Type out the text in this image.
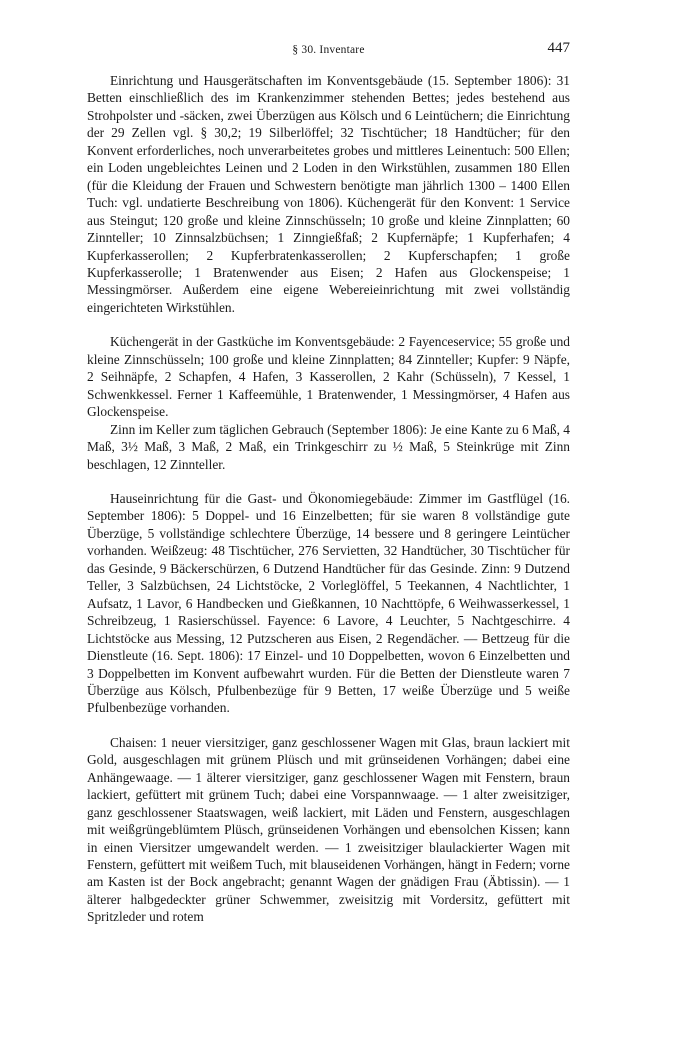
§ 30. Inventare	447

Einrichtung und Hausgerätschaften im Konventsgebäude (15. September 1806): 31 Betten einschließlich des im Krankenzimmer stehenden Bettes; jedes bestehend aus Strohpolster und -säcken, zwei Überzügen aus Kölsch und 6 Leintüchern; die Einrichtung der 29 Zellen vgl. § 30,2; 19 Silberlöffel; 32 Tischtücher; 18 Handtücher; für den Konvent erforderliches, noch unverarbeitetes grobes und mittleres Leinentuch: 500 Ellen; ein Loden ungebleichtes Leinen und 2 Loden in den Wirkstühlen, zusammen 180 Ellen (für die Kleidung der Frauen und Schwestern benötigte man jährlich 1300 – 1400 Ellen Tuch: vgl. undatierte Beschreibung von 1806). Küchengerät für den Konvent: 1 Service aus Steingut; 120 große und kleine Zinnschüsseln; 10 große und kleine Zinnplatten; 60 Zinnteller; 10 Zinnsalzbüchsen; 1 Zinngießfaß; 2 Kupfernäpfe; 1 Kupferhafen; 4 Kupferkasserollen; 2 Kupferbratenkasserollen; 2 Kupferschapfen; 1 große Kupferkasserolle; 1 Bratenwender aus Eisen; 2 Hafen aus Glockenspeise; 1 Messingmörser. Außerdem eine eigene Webereieinrichtung mit zwei vollständig eingerichteten Wirkstühlen.

Küchengerät in der Gastküche im Konventsgebäude: 2 Fayenceservice; 55 große und kleine Zinnschüsseln; 100 große und kleine Zinnplatten; 84 Zinnteller; Kupfer: 9 Näpfe, 2 Seihnäpfe, 2 Schapfen, 4 Hafen, 3 Kasserollen, 2 Kahr (Schüsseln), 7 Kessel, 1 Schwenkkessel. Ferner 1 Kaffeemühle, 1 Bratenwender, 1 Messingmörser, 4 Hafen aus Glockenspeise.

Zinn im Keller zum täglichen Gebrauch (September 1806): Je eine Kante zu 6 Maß, 4 Maß, 3½ Maß, 3 Maß, 2 Maß, ein Trinkgeschirr zu ½ Maß, 5 Steinkrüge mit Zinn beschlagen, 12 Zinnteller.

Hauseinrichtung für die Gast- und Ökonomiegebäude: Zimmer im Gastflügel (16. September 1806): 5 Doppel- und 16 Einzelbetten; für sie waren 8 vollständige gute Überzüge, 5 vollständige schlechtere Überzüge, 14 bessere und 8 geringere Leintücher vorhanden. Weißzeug: 48 Tischtücher, 276 Servietten, 32 Handtücher, 30 Tischtücher für das Gesinde, 9 Bäckerschürzen, 6 Dutzend Handtücher für das Gesinde. Zinn: 9 Dutzend Teller, 3 Salzbüchsen, 24 Lichtstöcke, 2 Vorleglöffel, 5 Teekannen, 4 Nachtlichter, 1 Aufsatz, 1 Lavor, 6 Handbecken und Gießkannen, 10 Nachttöpfe, 6 Weihwasserkessel, 1 Schreibzeug, 1 Rasierschüssel. Fayence: 6 Lavore, 4 Leuchter, 5 Nachtgeschirre. 4 Lichtstöcke aus Messing, 12 Putzscheren aus Eisen, 2 Regendächer. — Bettzeug für die Dienstleute (16. Sept. 1806): 17 Einzel- und 10 Doppelbetten, wovon 6 Einzelbetten und 3 Doppelbetten im Konvent aufbewahrt wurden. Für die Betten der Dienstleute waren 7 Überzüge aus Kölsch, Pfulbenbezüge für 9 Betten, 17 weiße Überzüge und 5 weiße Pfulbenbezüge vorhanden.

Chaisen: 1 neuer viersitziger, ganz geschlossener Wagen mit Glas, braun lackiert mit Gold, ausgeschlagen mit grünem Plüsch und mit grünseidenen Vorhängen; dabei eine Anhängewaage. — 1 älterer viersitziger, ganz geschlossener Wagen mit Fenstern, braun lackiert, gefüttert mit grünem Tuch; dabei eine Vorspannwaage. — 1 alter zweisitziger, ganz geschlossener Staatswagen, weiß lackiert, mit Läden und Fenstern, ausgeschlagen mit weißgrüngeblümtem Plüsch, grünseidenen Vorhängen und ebensolchen Kissen; kann in einen Viersitzer umgewandelt werden. — 1 zweisitziger blaulackierter Wagen mit Fenstern, gefüttert mit weißem Tuch, mit blauseidenen Vorhängen, hängt in Federn; vorne am Kasten ist der Bock angebracht; genannt Wagen der gnädigen Frau (Äbtissin). — 1 älterer halbgedeckter grüner Schwemmer, zweisitzig mit Vordersitz, gefüttert mit Spritzleder und rotem
